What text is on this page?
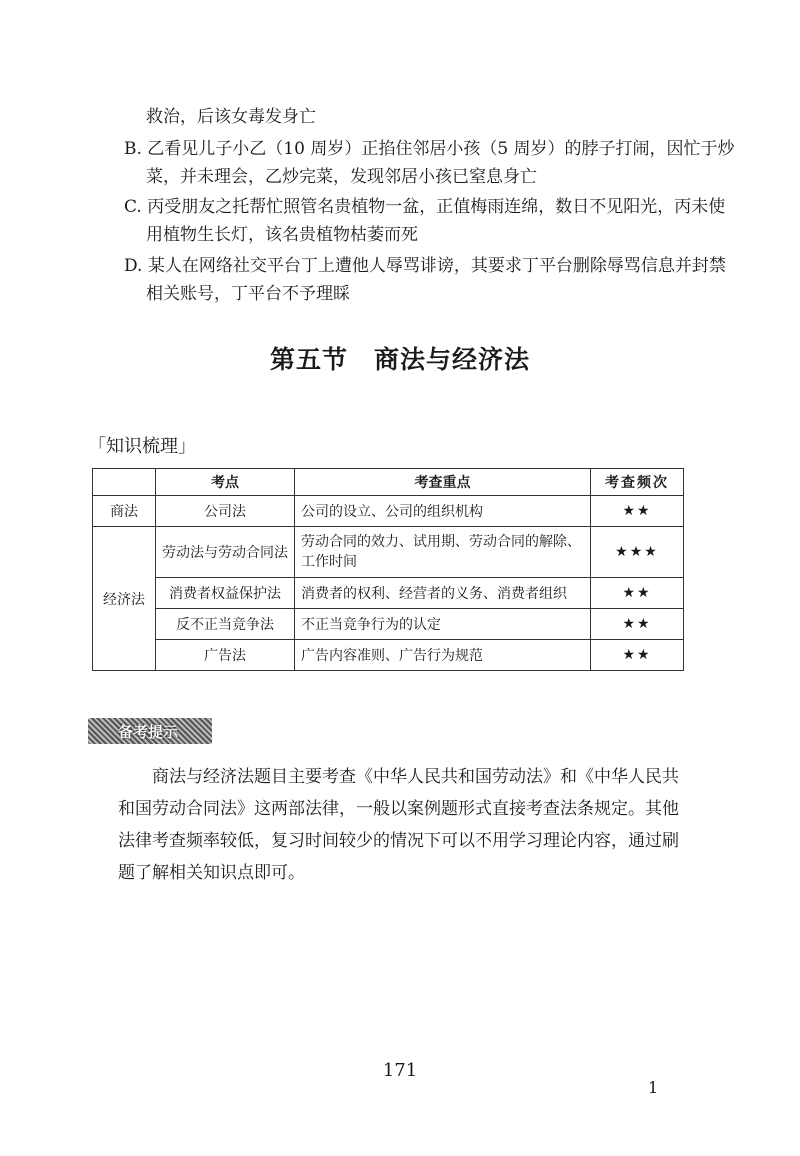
救治，后该女毒发身亡
B. 乙看见儿子小乙（10 周岁）正掐住邻居小孩（5 周岁）的脖子打闹，因忙于炒
菜，并未理会，乙炒完菜，发现邻居小孩已窒息身亡
C. 丙受朋友之托帮忙照管名贵植物一盆，正值梅雨连绵，数日不见阳光，丙未使
用植物生长灯，该名贵植物枯萎而死
D. 某人在网络社交平台丁上遭他人辱骂诽谤，其要求丁平台删除辱骂信息并封禁
相关账号，丁平台不予理睬
第五节　商法与经济法
「知识梳理」
	考点	考查重点	考查频次
商法	公司法	公司的设立、公司的组织机构	★★
经济法	劳动法与劳动合同法	劳动合同的效力、试用期、劳动合同的解除、工作时间	★★★
	消费者权益保护法	消费者的权利、经营者的义务、消费者组织	★★
	反不正当竞争法	不正当竞争行为的认定	★★
	广告法	广告内容准则、广告行为规范	★★
备考提示
商法与经济法题目主要考查《中华人民共和国劳动法》和《中华人民共
和国劳动合同法》这两部法律，一般以案例题形式直接考查法条规定。其他
法律考查频率较低，复习时间较少的情况下可以不用学习理论内容，通过刷
题了解相关知识点即可。
171
1
